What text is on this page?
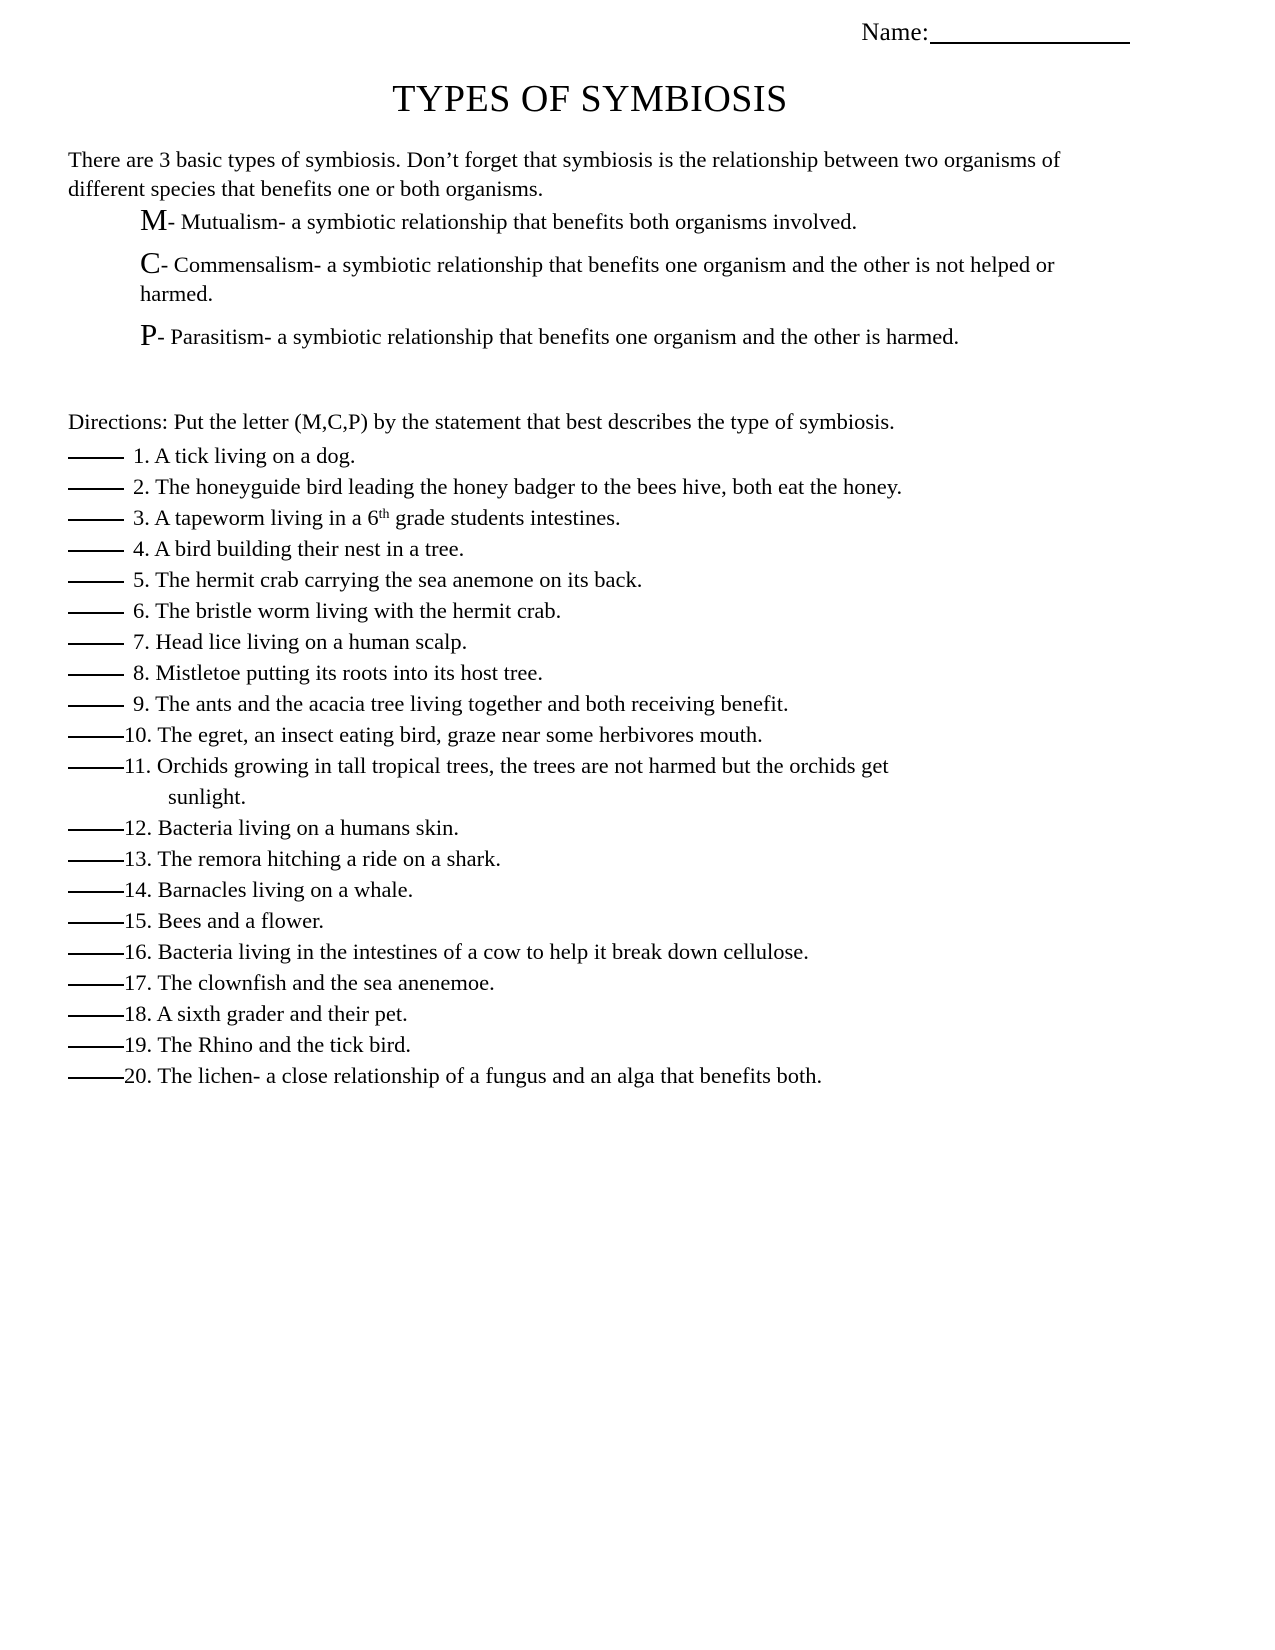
Name:
TYPES OF SYMBIOSIS

There are 3 basic types of symbiosis. Don’t forget that symbiosis is the relationship between two organisms of different species that benefits one or both organisms.

M- Mutualism- a symbiotic relationship that benefits both organisms involved.
C- Commensalism- a symbiotic relationship that benefits one organism and the other is not helped or harmed.
P- Parasitism- a symbiotic relationship that benefits one organism and the other is harmed.

Directions: Put the letter (M,C,P) by the statement that best describes the type of symbiosis.

1. A tick living on a dog.
2. The honeyguide bird leading the honey badger to the bees hive, both eat the honey.
3. A tapeworm living in a 6th grade students intestines.
4. A bird building their nest in a tree.
5. The hermit crab carrying the sea anemone on its back.
6. The bristle worm living with the hermit crab.
7. Head lice living on a human scalp.
8. Mistletoe putting its roots into its host tree.
9. The ants and the acacia tree living together and both receiving benefit.
10. The egret, an insect eating bird, graze near some herbivores mouth.
11. Orchids growing in tall tropical trees, the trees are not harmed but the orchids get
sunlight.
12. Bacteria living on a humans skin.
13. The remora hitching a ride on a shark.
14. Barnacles living on a whale.
15. Bees and a flower.
16. Bacteria living in the intestines of a cow to help it break down cellulose.
17. The clownfish and the sea anenemoe.
18. A sixth grader and their pet.
19. The Rhino and the tick bird.
20. The lichen- a close relationship of a fungus and an alga that benefits both.
